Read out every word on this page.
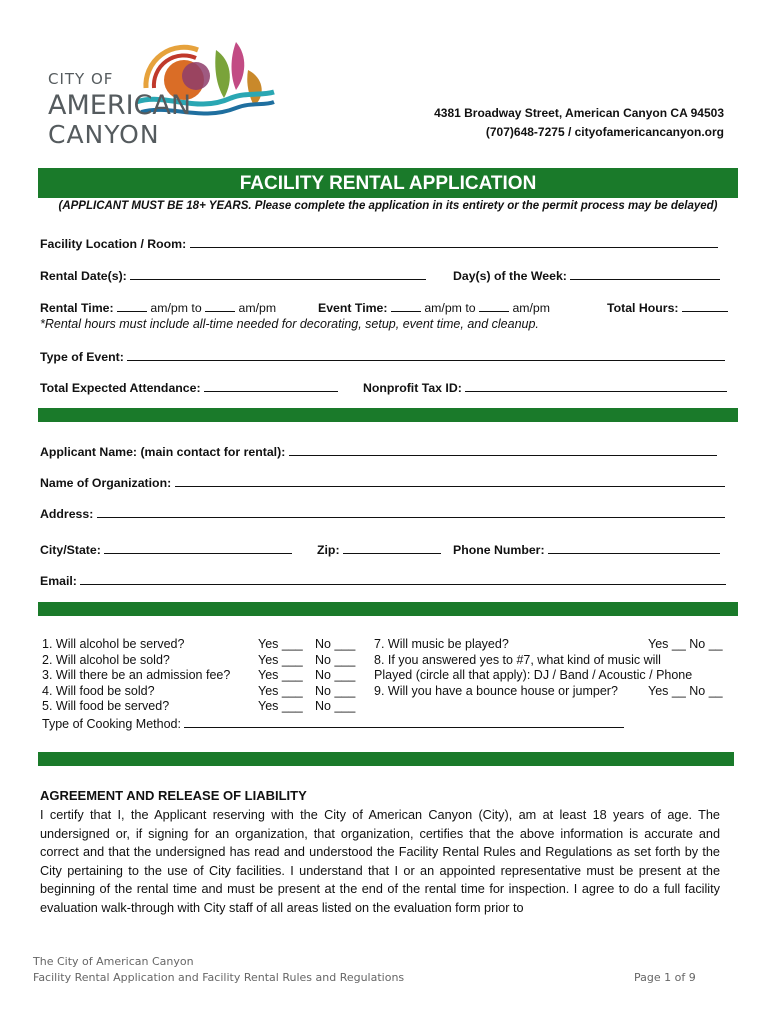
CITY OF
AMERICAN
CANYON
4381 Broadway Street, American Canyon CA 94503
(707)648-7275 / cityofamericancanyon.org
FACILITY RENTAL APPLICATION
(APPLICANT MUST BE 18+ YEARS. Please complete the application in its entirety or the permit process may be delayed)
Facility Location / Room:
Rental Date(s):	Day(s) of the Week:
Rental Time:	am/pm to	am/pm	Event Time:	am/pm to	am/pm	Total Hours:
*Rental hours must include all-time needed for decorating, setup, event time, and cleanup.
Type of Event:
Total Expected Attendance:	Nonprofit Tax ID:
Applicant Name: (main contact for rental):
Name of Organization:
Address:
City/State:	Zip:	Phone Number:
Email:
1. Will alcohol be served?	Yes ___ No ___
2. Will alcohol be sold?	Yes ___ No ___
3. Will there be an admission fee? Yes ___ No ___
4. Will food be sold?	Yes ___ No ___
5. Will food be served?	Yes ___ No ___
Type of Cooking Method:
7. Will music be played?	Yes __ No __
8. If you answered yes to #7, what kind of music will
Played (circle all that apply): DJ / Band / Acoustic / Phone
9. Will you have a bounce house or jumper? Yes __ No __
AGREEMENT AND RELEASE OF LIABILITY
I certify that I, the Applicant reserving with the City of American Canyon (City), am at least 18 years of age. The undersigned or, if signing for an organization, that organization, certifies that the above information is accurate and correct and that the undersigned has read and understood the Facility Rental Rules and Regulations as set forth by the City pertaining to the use of City facilities. I understand that I or an appointed representative must be present at the beginning of the rental time and must be present at the end of the rental time for inspection. I agree to do a full facility evaluation walk-through with City staff of all areas listed on the evaluation form prior to
The City of American Canyon
Facility Rental Application and Facility Rental Rules and Regulations	Page 1 of 9
